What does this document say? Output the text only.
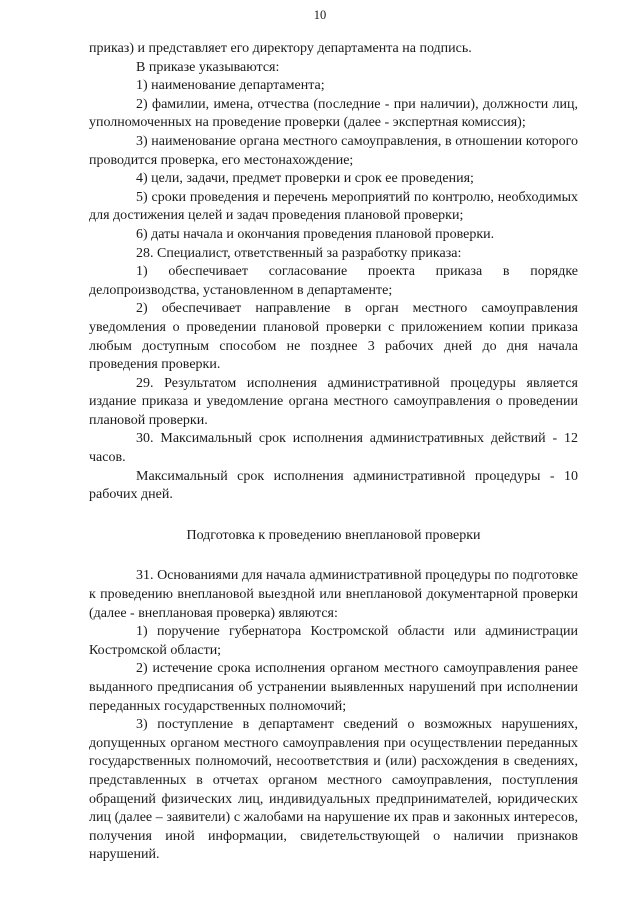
10

приказ) и представляет его директору департамента на подпись.

В приказе указываются:

1) наименование департамента;

2) фамилии, имена, отчества (последние - при наличии), должности лиц, уполномоченных на проведение проверки (далее - экспертная комиссия);

3) наименование органа местного самоуправления, в отношении которого проводится проверка, его местонахождение;

4) цели, задачи, предмет проверки и срок ее проведения;

5) сроки проведения и перечень мероприятий по контролю, необходимых для достижения целей и задач проведения плановой проверки;

6) даты начала и окончания проведения плановой проверки.

28. Специалист, ответственный за разработку приказа:

1) обеспечивает согласование проекта приказа в порядке делопроизводства, установленном в департаменте;

2) обеспечивает направление в орган местного самоуправления уведомления о проведении плановой проверки с приложением копии приказа любым доступным способом не позднее 3 рабочих дней до дня начала проведения проверки.

29. Результатом исполнения административной процедуры является издание приказа и уведомление органа местного самоуправления о проведении плановой проверки.

30. Максимальный срок исполнения административных действий - 12 часов.

Максимальный срок исполнения административной процедуры - 10 рабочих дней.

Подготовка к проведению внеплановой проверки

31. Основаниями для начала административной процедуры по подготовке к проведению внеплановой выездной или внеплановой документарной проверки (далее - внеплановая проверка) являются:

1) поручение губернатора Костромской области или администрации Костромской области;

2) истечение срока исполнения органом местного самоуправления ранее выданного предписания об устранении выявленных нарушений при исполнении переданных государственных полномочий;

3) поступление в департамент сведений о возможных нарушениях, допущенных органом местного самоуправления при осуществлении переданных государственных полномочий, несоответствия и (или) расхождения в сведениях, представленных в отчетах органом местного самоуправления, поступления обращений физических лиц, индивидуальных предпринимателей, юридических лиц (далее – заявители) с жалобами на нарушение их прав и законных интересов, получения иной информации, свидетельствующей о наличии признаков нарушений.
